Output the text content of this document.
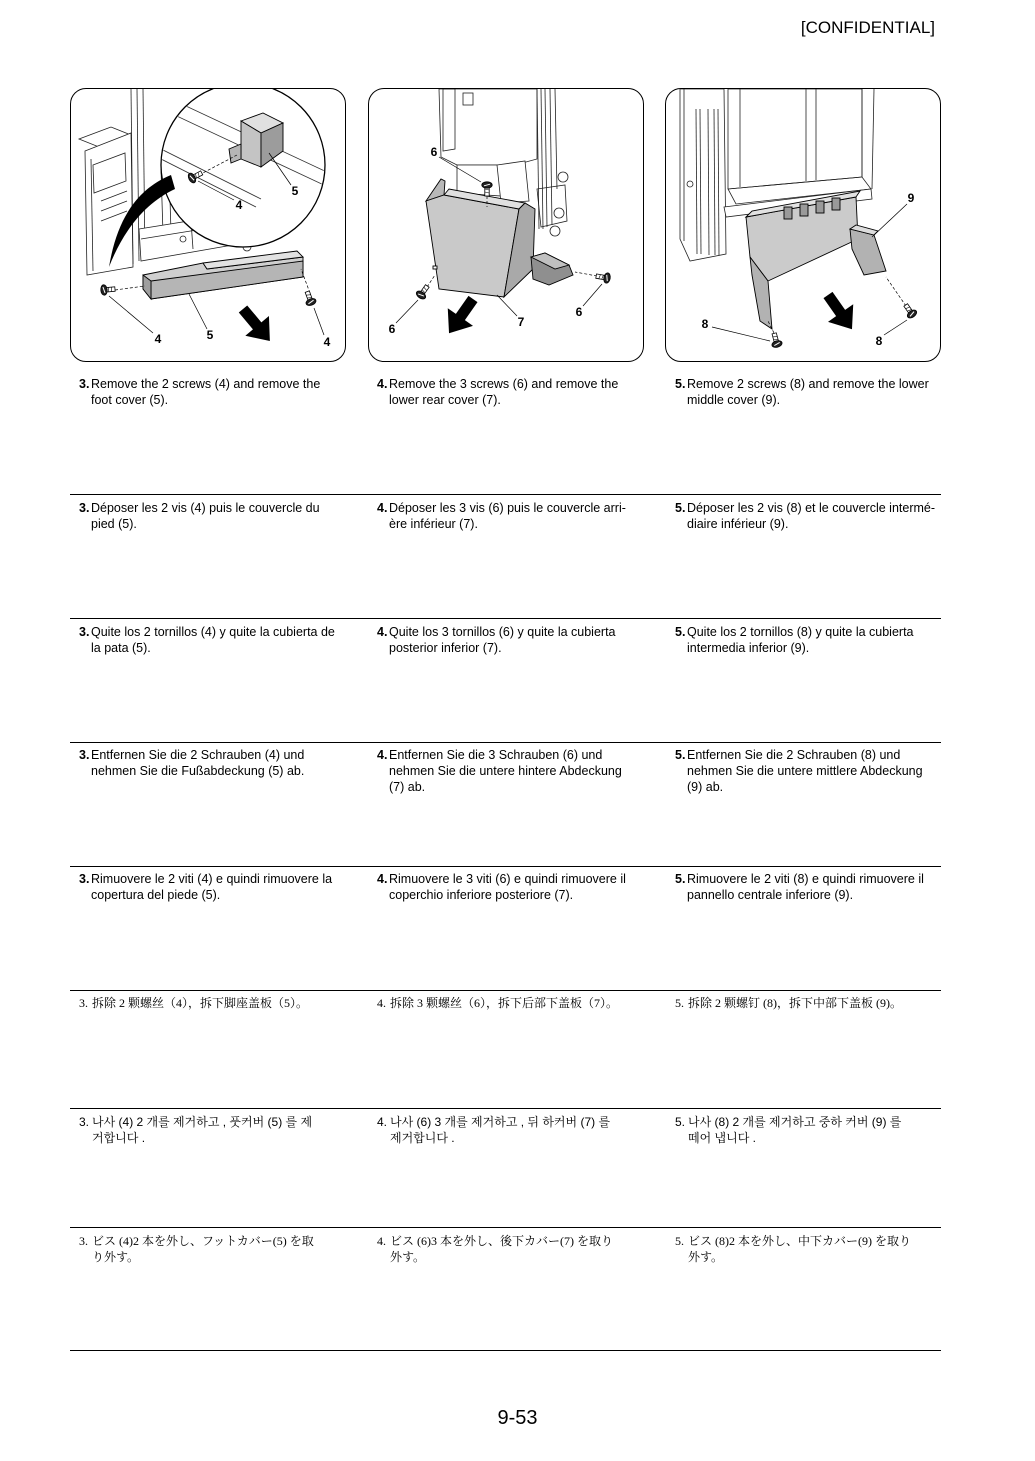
[CONFIDENTIAL]
5
4
4	5	4
6
6	7
6
9
8
8
3. Remove the 2 screws (4) and remove the
foot cover (5).
4. Remove the 3 screws (6) and remove the
lower rear cover (7).
5. Remove 2 screws (8) and remove the lower
middle cover (9).
3. Déposer les 2 vis (4) puis le couvercle du
pied (5).
4. Déposer les 3 vis (6) puis le couvercle arri-
ère inférieur (7).
5. Déposer les 2 vis (8) et le couvercle intermé-
diaire inférieur (9).
3. Quite los 2 tornillos (4) y quite la cubierta de
la pata (5).
4. Quite los 3 tornillos (6) y quite la cubierta
posterior inferior (7).
5. Quite los 2 tornillos (8) y quite la cubierta
intermedia inferior (9).
3. Entfernen Sie die 2 Schrauben (4) und
nehmen Sie die Fußabdeckung (5) ab.
4. Entfernen Sie die 3 Schrauben (6) und
nehmen Sie die untere hintere Abdeckung
(7) ab.
5. Entfernen Sie die 2 Schrauben (8) und
nehmen Sie die untere mittlere Abdeckung
(9) ab.
3. Rimuovere le 2 viti (4) e quindi rimuovere la
copertura del piede (5).
4. Rimuovere le 3 viti (6) e quindi rimuovere il
coperchio inferiore posteriore (7).
5. Rimuovere le 2 viti (8) e quindi rimuovere il
pannello centrale inferiore (9).
3. 拆除 2 颗螺丝（4），拆下脚座盖板（5）。	4. 拆除 3 颗螺丝（6），拆下后部下盖板（7）。	5. 拆除 2 颗螺钉 (8)，拆下中部下盖板 (9)。
3. 나사 (4) 2 개를 제거하고 , 풋커버 (5) 를 제
거합니다 .
4. 나사 (6) 3 개를 제거하고 , 뒤 하커버 (7) 를
제거합니다 .
5. 나사 (8) 2 개를 제거하고 중하 커버 (9) 를
떼어 냅니다 .
3. ビス (4)2 本を外し、フットカバー(5) を取
り外す。
4. ビス (6)3 本を外し、後下カバー(7) を取り
外す。
5. ビス (8)2 本を外し、中下カバー(9) を取り
外す。
9-53
